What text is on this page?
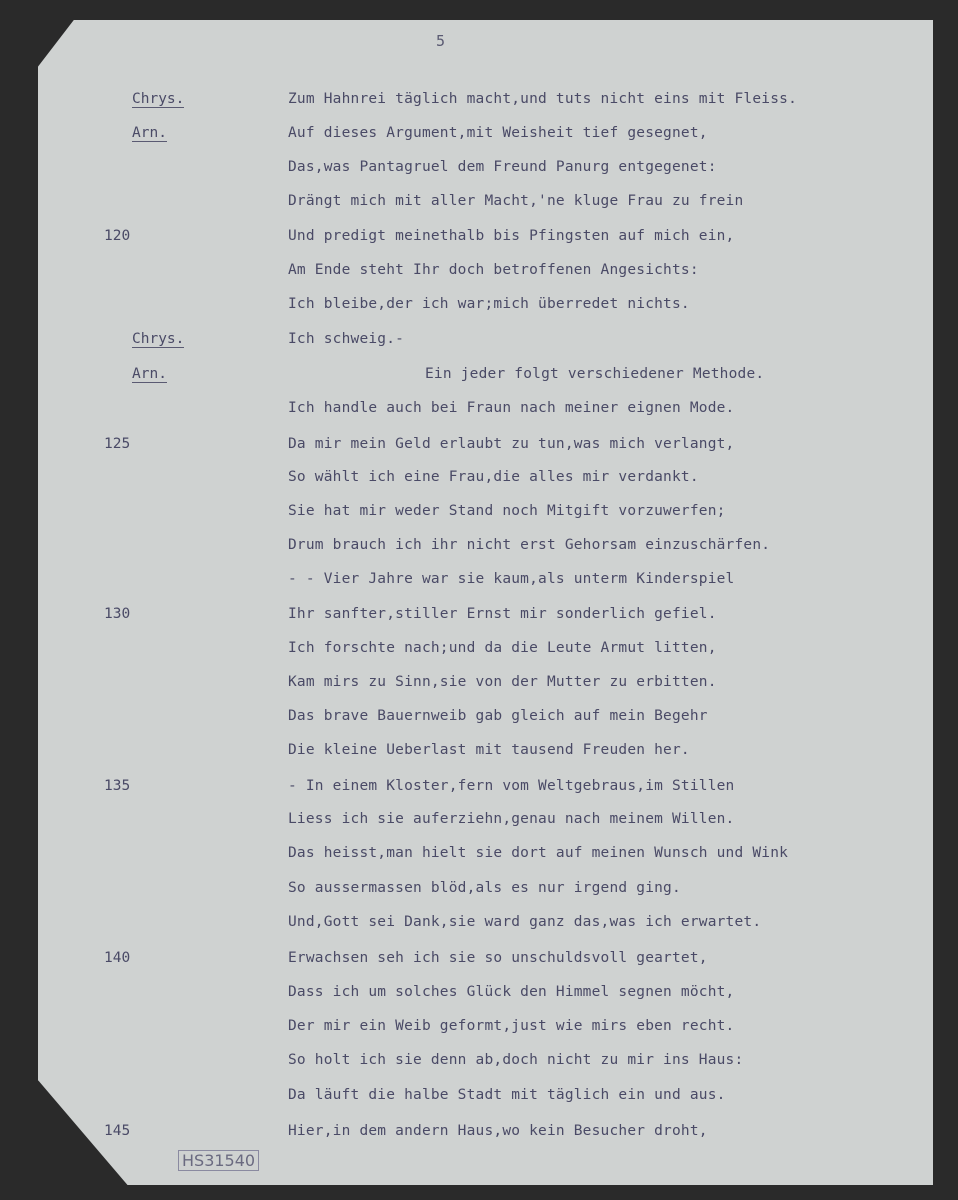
5
Chrys.
Arn.
Chrys.
Arn.
120
125
130
135
140
145
Zum Hahnrei täglich macht,und tuts nicht eins mit Fleiss.
Auf dieses Argument,mit Weisheit tief gesegnet,
Das,was Pantagruel dem Freund Panurg entgegenet:
Drängt mich mit aller Macht,'ne kluge Frau zu frein
Und predigt meinethalb bis Pfingsten auf mich ein,
Am Ende steht Ihr doch betroffenen Angesichts:
Ich bleibe,der ich war;mich überredet nichts.
Ich schweig.-
Ein jeder folgt verschiedener Methode.
Ich handle auch bei Fraun nach meiner eignen Mode.
Da mir mein Geld erlaubt zu tun,was mich verlangt,
So wählt ich eine Frau,die alles mir verdankt.
Sie hat mir weder Stand noch Mitgift vorzuwerfen;
Drum brauch ich ihr nicht erst Gehorsam einzuschärfen.
- - Vier Jahre war sie kaum,als unterm Kinderspiel
Ihr sanfter,stiller Ernst mir sonderlich gefiel.
Ich forschte nach;und da die Leute Armut litten,
Kam mirs zu Sinn,sie von der Mutter zu erbitten.
Das brave Bauernweib gab gleich auf mein Begehr
Die kleine Ueberlast mit tausend Freuden her.
- In einem Kloster,fern vom Weltgebraus,im Stillen
Liess ich sie auferziehn,genau nach meinem Willen.
Das heisst,man hielt sie dort auf meinen Wunsch und Wink
So aussermassen blöd,als es nur irgend ging.
Und,Gott sei Dank,sie ward ganz das,was ich erwartet.
Erwachsen seh ich sie so unschuldsvoll geartet,
Dass ich um solches Glück den Himmel segnen möcht,
Der mir ein Weib geformt,just wie mirs eben recht.
So holt ich sie denn ab,doch nicht zu mir ins Haus:
Da läuft die halbe Stadt mit täglich ein und aus.
Hier,in dem andern Haus,wo kein Besucher droht,
HS31540
